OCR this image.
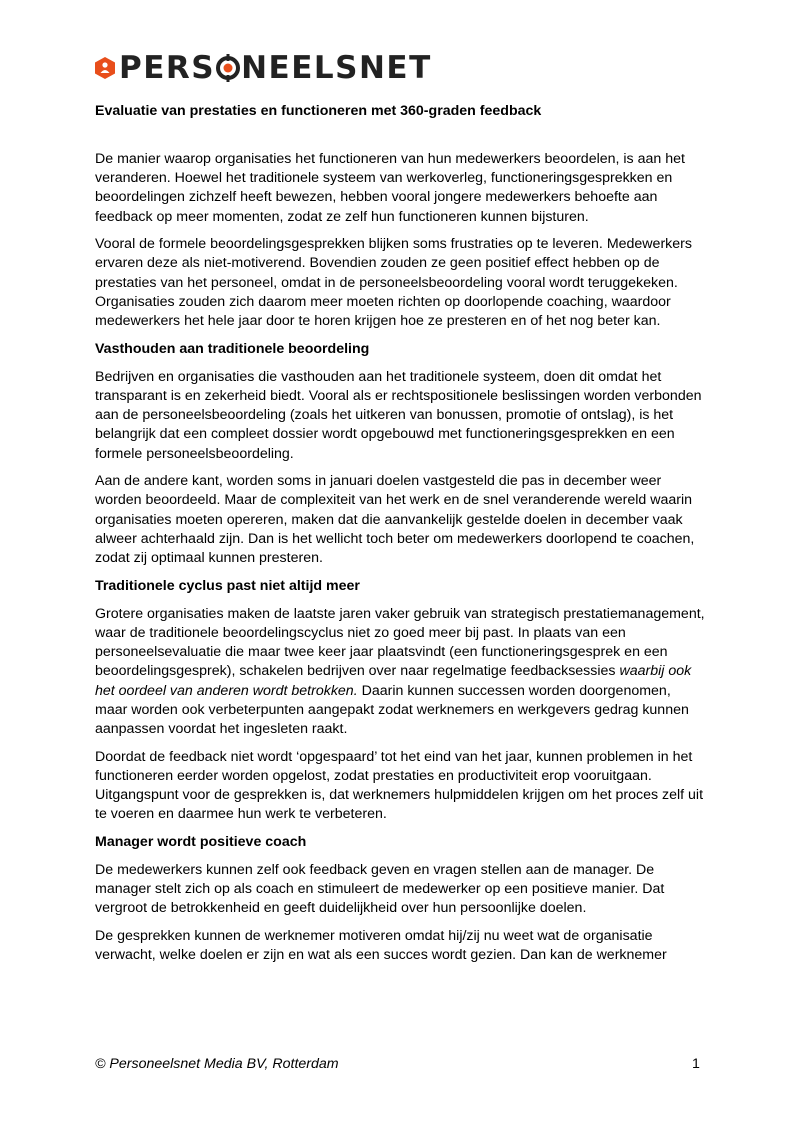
PERS NEELSNET
Evaluatie van prestaties en functioneren met 360-graden feedback

De manier waarop organisaties het functioneren van hun medewerkers beoordelen, is aan het veranderen. Hoewel het traditionele systeem van werkoverleg, functioneringsgesprekken en beoordelingen zichzelf heeft bewezen, hebben vooral jongere medewerkers behoefte aan feedback op meer momenten, zodat ze zelf hun functioneren kunnen bijsturen.

Vooral de formele beoordelingsgesprekken blijken soms frustraties op te leveren. Medewerkers ervaren deze als niet-motiverend. Bovendien zouden ze geen positief effect hebben op de prestaties van het personeel, omdat in de personeelsbeoordeling vooral wordt teruggekeken. Organisaties zouden zich daarom meer moeten richten op doorlopende coaching, waardoor medewerkers het hele jaar door te horen krijgen hoe ze presteren en of het nog beter kan.

Vasthouden aan traditionele beoordeling

Bedrijven en organisaties die vasthouden aan het traditionele systeem, doen dit omdat het transparant is en zekerheid biedt. Vooral als er rechtspositionele beslissingen worden verbonden aan de personeelsbeoordeling (zoals het uitkeren van bonussen, promotie of ontslag), is het belangrijk dat een compleet dossier wordt opgebouwd met functioneringsgesprekken en een formele personeelsbeoordeling.

Aan de andere kant, worden soms in januari doelen vastgesteld die pas in december weer worden beoordeeld. Maar de complexiteit van het werk en de snel veranderende wereld waarin organisaties moeten opereren, maken dat die aanvankelijk gestelde doelen in december vaak alweer achterhaald zijn. Dan is het wellicht toch beter om medewerkers doorlopend te coachen, zodat zij optimaal kunnen presteren.

Traditionele cyclus past niet altijd meer

Grotere organisaties maken de laatste jaren vaker gebruik van strategisch prestatiemanagement, waar de traditionele beoordelingscyclus niet zo goed meer bij past. In plaats van een personeelsevaluatie die maar twee keer jaar plaatsvindt (een functioneringsgesprek en een beoordelingsgesprek), schakelen bedrijven over naar regelmatige feedbacksessies waarbij ook het oordeel van anderen wordt betrokken. Daarin kunnen successen worden doorgenomen, maar worden ook verbeterpunten aangepakt zodat werknemers en werkgevers gedrag kunnen aanpassen voordat het ingesleten raakt.

Doordat de feedback niet wordt ‘opgespaard’ tot het eind van het jaar, kunnen problemen in het functioneren eerder worden opgelost, zodat prestaties en productiviteit erop vooruitgaan. Uitgangspunt voor de gesprekken is, dat werknemers hulpmiddelen krijgen om het proces zelf uit te voeren en daarmee hun werk te verbeteren.

Manager wordt positieve coach

De medewerkers kunnen zelf ook feedback geven en vragen stellen aan de manager. De manager stelt zich op als coach en stimuleert de medewerker op een positieve manier. Dat vergroot de betrokkenheid en geeft duidelijkheid over hun persoonlijke doelen.

De gesprekken kunnen de werknemer motiveren omdat hij/zij nu weet wat de organisatie verwacht, welke doelen er zijn en wat als een succes wordt gezien. Dan kan de werknemer

© Personeelsnet Media BV, Rotterdam	1
